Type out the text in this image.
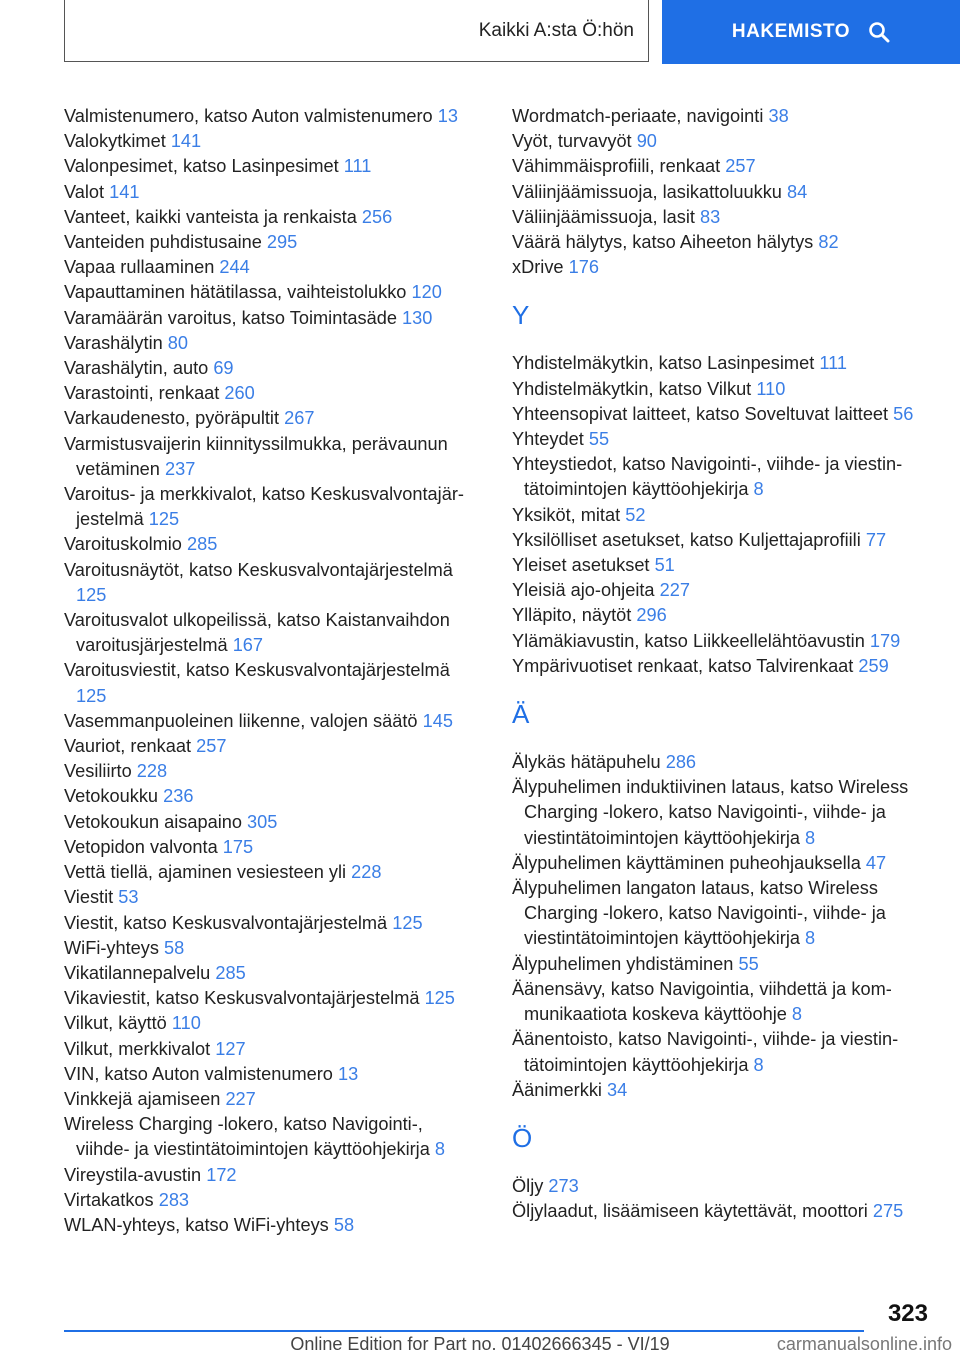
Kaikki A:sta Ö:hön	HAKEMISTO

Valmistenumero, katso Auton valmistenumero 13

Valokytkimet 141

Valonpesimet, katso Lasinpesimet 111

Valot 141

Vanteet, kaikki vanteista ja renkaista 256

Vanteiden puhdistusaine 295

Vapaa rullaaminen 244

Vapauttaminen hätätilassa, vaihteistolukko 120

Varamäärän varoitus, katso Toimintasäde 130

Varashälytin 80

Varashälytin, auto 69

Varastointi, renkaat 260

Varkaudenesto, pyöräpultit 267

Varmistusvaijerin kiinnityssilmukka, perävaunun vetäminen 237

Varoitus- ja merkkivalot, katso Keskusvalvontajärjestelmä 125

Varoituskolmio 285

Varoitusnäytöt, katso Keskusvalvontajärjestelmä 125

Varoitusvalot ulkopeilissä, katso Kaistanvaihdon varoitusjärjestelmä 167

Varoitusviestit, katso Keskusvalvontajärjestelmä 125

Vasemmanpuoleinen liikenne, valojen säätö 145

Vauriot, renkaat 257

Vesiliirto 228

Vetokoukku 236

Vetokoukun aisapaino 305

Vetopidon valvonta 175

Vettä tiellä, ajaminen vesiesteen yli 228

Viestit 53

Viestit, katso Keskusvalvontajärjestelmä 125

WiFi-yhteys 58

Vikatilannepalvelu 285

Vikaviestit, katso Keskusvalvontajärjestelmä 125

Vilkut, käyttö 110

Vilkut, merkkivalot 127

VIN, katso Auton valmistenumero 13

Vinkkejä ajamiseen 227

Wireless Charging -lokero, katso Navigointi-, viihde- ja viestintätoimintojen käyttöohjekirja 8

Vireystila-avustin 172

Virtakatkos 283

WLAN-yhteys, katso WiFi-yhteys 58

Wordmatch-periaate, navigointi 38

Vyöt, turvavyöt 90

Vähimmäisprofiili, renkaat 257

Väliinjäämissuoja, lasikattoluukku 84

Väliinjäämissuoja, lasit 83

Väärä hälytys, katso Aiheeton hälytys 82

xDrive 176

Y

Yhdistelmäkytkin, katso Lasinpesimet 111

Yhdistelmäkytkin, katso Vilkut 110

Yhteensopivat laitteet, katso Soveltuvat laitteet 56

Yhteydet 55

Yhteystiedot, katso Navigointi-, viihde- ja viestintätoimintojen käyttöohjekirja 8

Yksiköt, mitat 52

Yksilölliset asetukset, katso Kuljettajaprofiili 77

Yleiset asetukset 51

Yleisiä ajo-ohjeita 227

Ylläpito, näytöt 296

Ylämäkiavustin, katso Liikkeellelähtöavustin 179

Ympärivuotiset renkaat, katso Talvirenkaat 259

Ä

Älykäs hätäpuhelu 286

Älypuhelimen induktiivinen lataus, katso Wireless Charging -lokero, katso Navigointi-, viihde- ja viestintätoimintojen käyttöohjekirja 8

Älypuhelimen käyttäminen puheohjauksella 47

Älypuhelimen langaton lataus, katso Wireless Charging -lokero, katso Navigointi-, viihde- ja viestintätoimintojen käyttöohjekirja 8

Älypuhelimen yhdistäminen 55

Äänensävy, katso Navigointia, viihdettä ja kommunikaatiota koskeva käyttöohje 8

Äänentoisto, katso Navigointi-, viihde- ja viestintätoimintojen käyttöohjekirja 8

Äänimerkki 34

Ö

Öljy 273

Öljylaadut, lisäämiseen käytettävät, moottori 275

323
Online Edition for Part no. 01402666345 - VI/19	carmanualsonline.info
